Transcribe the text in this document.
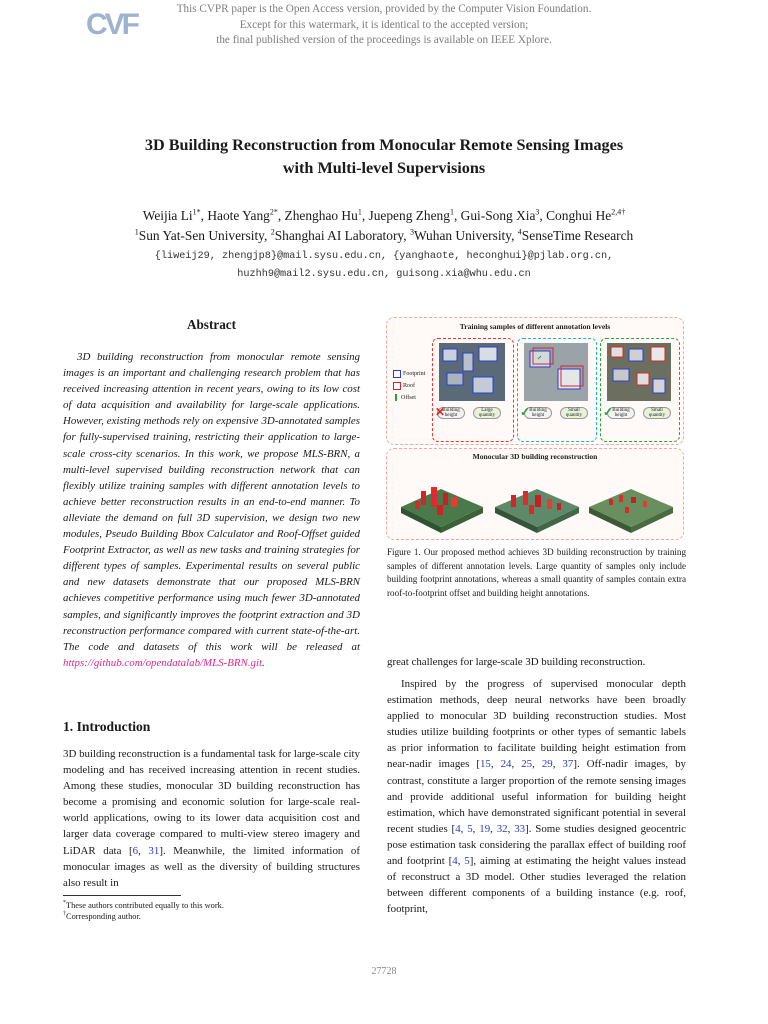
CVF	This CVPR paper is the Open Access version, provided by the Computer Vision Foundation.
Except for this watermark, it is identical to the accepted version;
the final published version of the proceedings is available on IEEE Xplore.
3D Building Reconstruction from Monocular Remote Sensing Images
with Multi-level Supervisions
Weijia $Li^{1*}$, Haote Yang$^{2*}$, Zhenghao Hu$^1$, Juepeng Zheng$^1$, Gui-Song Xia$^3$, Conghui $He^{2,4\dagger}$
$^1$Sun Yat-Sen University, $^2$Shanghai AI Laboratory, $^3$Wuhan University, $^4$SenseTime Research
{liweij29, zhengjp8}@mail.sysu.edu.cn, {yanghaote, heconghui}@pjlab.org.cn,
huzhh9@mail2.sysu.edu.cn, guisong.xia@whu.edu.cn
Abstract
3D building reconstruction from monocular remote sensing images is an important and challenging research problem that has received increasing attention in recent years, owing to its low cost of data acquisition and availability for large-scale applications. However, existing methods rely on expensive 3D-annotated samples for fully-supervised training, restricting their application to large-scale cross-city scenarios. In this work, we propose MLS-BRN, a multi-level supervised building reconstruction network that can flexibly utilize training samples with different annotation levels to achieve better reconstruction results in an end-to-end manner. To alleviate the demand on full 3D supervision, we design two new modules, Pseudo Building Bbox Calculator and Roof-Offset guided Footprint Extractor, as well as new tasks and training strategies for different types of samples. Experimental results on several public and new datasets demonstrate that our proposed MLS-BRN achieves competitive performance using much fewer 3D-annotated samples, and significantly improves the footprint extraction and 3D reconstruction performance compared with current state-of-the-art. The code and datasets of this work will be released at https://github.com/opendatalab/MLS-BRN.git.
1. Introduction
3D building reconstruction is a fundamental task for large-scale city modeling and has received increasing attention in recent studies. Among these studies, monocular 3D building reconstruction has become a promising and economic solution for large-scale real-world applications, owing to its lower data acquisition cost and larger data coverage compared to multi-view stereo imagery and LiDAR data [6, 31]. Meanwhile, the limited information of monocular images as well as the diversity of building structures also result in
*These authors contributed equally to this work.
†Corresponding author.
Training samples of different annotation levels
Footprint
Roof
Offset
Building height
Large quantity
✕	Building height
Small quantity
✓	Building height
Small quantity
✓
Monocular 3D building reconstruction
Figure 1. Our proposed method achieves 3D building reconstruction by training samples of different annotation levels. Large quantity of samples only include building footprint annotations, whereas a small quantity of samples contain extra roof-to-footprint offset and building height annotations.
great challenges for large-scale 3D building reconstruction.
Inspired by the progress of supervised monocular depth estimation methods, deep neural networks have been broadly applied to monocular 3D building reconstruction studies. Most studies utilize building footprints or other types of semantic labels as prior information to facilitate building height estimation from near-nadir images [15, 24, 25, 29, 37]. Off-nadir images, by contrast, constitute a larger proportion of the remote sensing images and provide additional useful information for building height estimation, which have demonstrated significant potential in several recent studies [4, 5, 19, 32, 33]. Some studies designed geocentric pose estimation task considering the parallax effect of building roof and footprint [4, 5], aiming at estimating the height values instead of reconstruct a 3D model. Other studies leveraged the relation between different components of a building instance (e.g. roof, footprint,
27728
